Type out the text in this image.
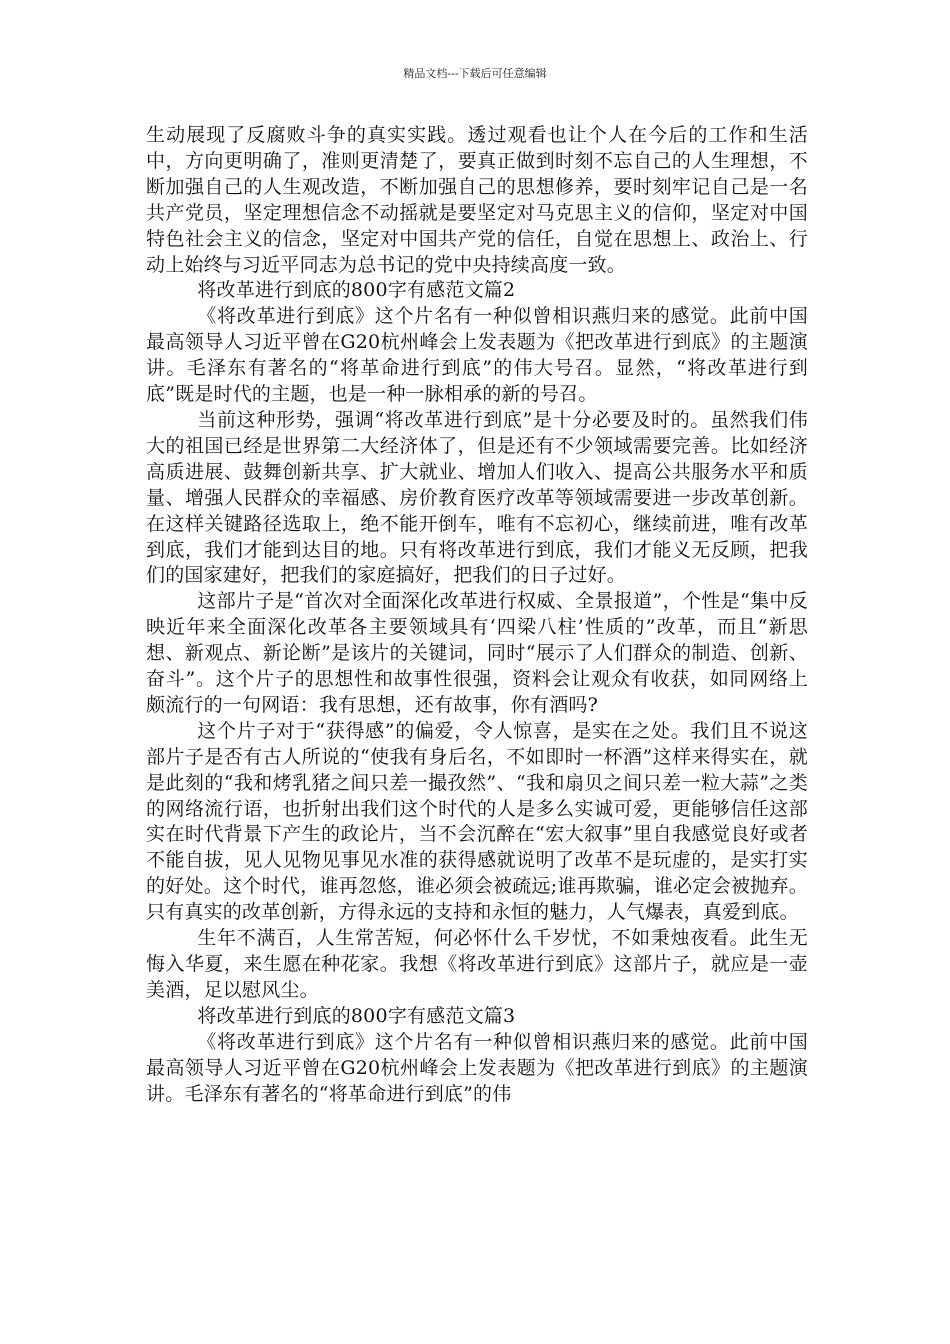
精品文档---下载后可任意编辑

生动展现了反腐败斗争的真实实践。透过观看也让个人在今后的工作和生活中，方向更明确了，准则更清楚了，要真正做到时刻不忘自己的人生理想，不断加强自己的人生观改造，不断加强自己的思想修养，要时刻牢记自己是一名共产党员，坚定理想信念不动摇就是要坚定对马克思主义的信仰，坚定对中国特色社会主义的信念，坚定对中国共产党的信任，自觉在思想上、政治上、行动上始终与习近平同志为总书记的党中央持续高度一致。

将改革进行到底的800字有感范文篇2

《将改革进行到底》这个片名有一种似曾相识燕归来的感觉。此前中国最高领导人习近平曾在G20杭州峰会上发表题为《把改革进行到底》的主题演讲。毛泽东有著名的“将革命进行到底”的伟大号召。显然，“将改革进行到底”既是时代的主题，也是一种一脉相承的新的号召。

当前这种形势，强调“将改革进行到底”是十分必要及时的。虽然我们伟大的祖国已经是世界第二大经济体了，但是还有不少领域需要完善。比如经济高质进展、鼓舞创新共享、扩大就业、增加人们收入、提高公共服务水平和质量、增强人民群众的幸福感、房价教育医疗改革等领域需要进一步改革创新。在这样关键路径选取上，绝不能开倒车，唯有不忘初心，继续前进，唯有改革到底，我们才能到达目的地。只有将改革进行到底，我们才能义无反顾，把我们的国家建好，把我们的家庭搞好，把我们的日子过好。

这部片子是“首次对全面深化改革进行权威、全景报道”，个性是“集中反映近年来全面深化改革各主要领域具有‘四梁八柱’性质的”改革，而且“新思想、新观点、新论断”是该片的关键词，同时“展示了人们群众的制造、创新、奋斗”。这个片子的思想性和故事性很强，资料会让观众有收获，如同网络上颇流行的一句网语：我有思想，还有故事，你有酒吗?

这个片子对于“获得感”的偏爱，令人惊喜，是实在之处。我们且不说这部片子是否有古人所说的“使我有身后名，不如即时一杯酒”这样来得实在，就是此刻的“我和烤乳猪之间只差一撮孜然”、“我和扇贝之间只差一粒大蒜”之类的网络流行语，也折射出我们这个时代的人是多么实诚可爱，更能够信任这部实在时代背景下产生的政论片，当不会沉醉在“宏大叙事”里自我感觉良好或者不能自拔，见人见物见事见水准的获得感就说明了改革不是玩虚的，是实打实的好处。这个时代，谁再忽悠，谁必须会被疏远;谁再欺骗，谁必定会被抛弃。只有真实的改革创新，方得永远的支持和永恒的魅力，人气爆表，真爱到底。

生年不满百，人生常苦短，何必怀什么千岁忧，不如秉烛夜看。此生无悔入华夏，来生愿在种花家。我想《将改革进行到底》这部片子，就应是一壶美酒，足以慰风尘。

将改革进行到底的800字有感范文篇3

《将改革进行到底》这个片名有一种似曾相识燕归来的感觉。此前中国最高领导人习近平曾在G20杭州峰会上发表题为《把改革进行到底》的主题演讲。毛泽东有著名的“将革命进行到底”的伟
